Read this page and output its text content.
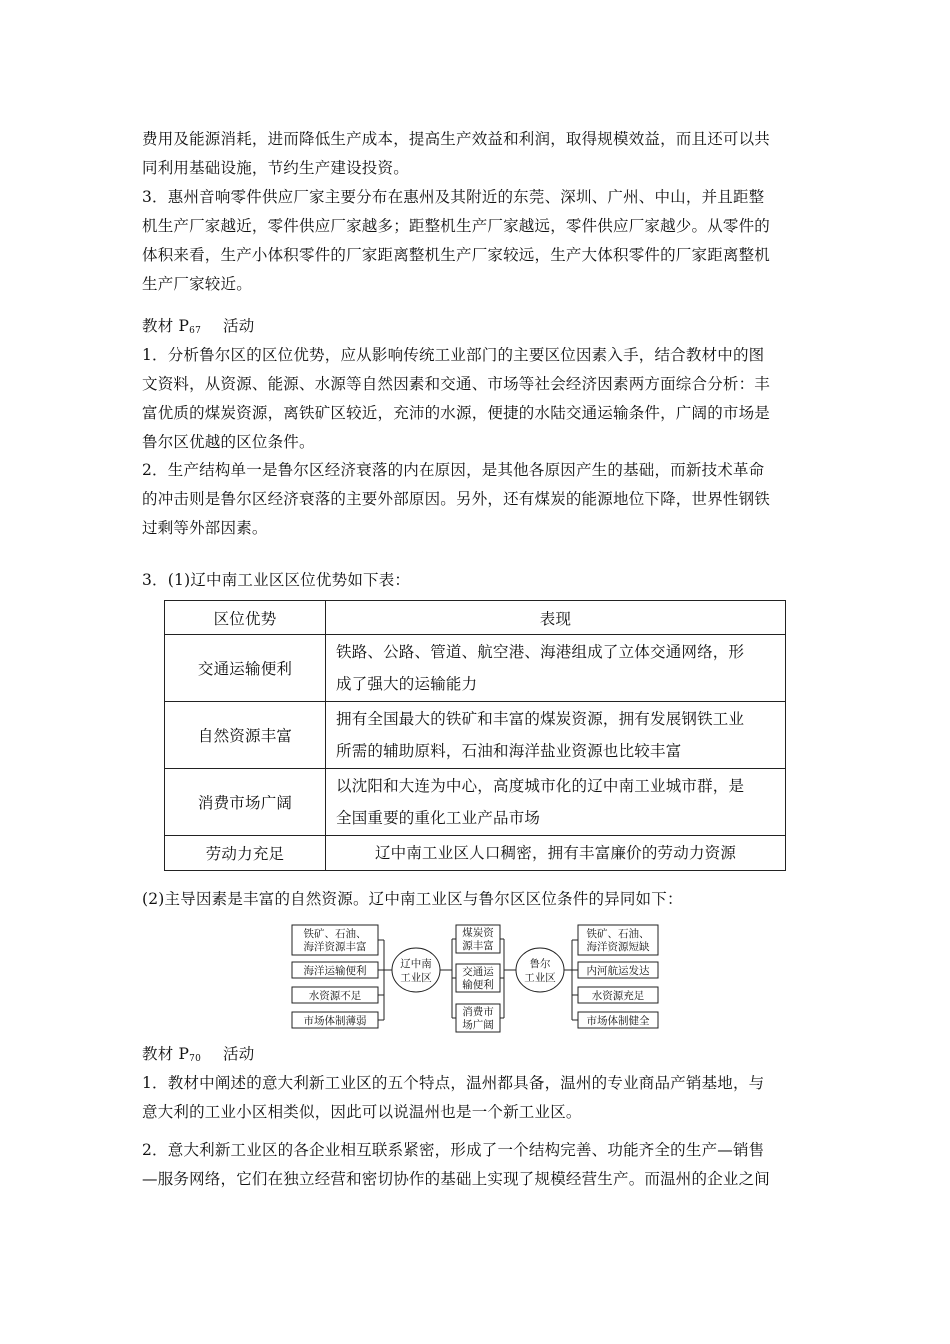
费用及能源消耗，进而降低生产成本，提高生产效益和利润，取得规模效益，而且还可以共
同利用基础设施，节约生产建设投资。

3．惠州音响零件供应厂家主要分布在惠州及其附近的东莞、深圳、广州、中山，并且距整
机生产厂家越近，零件供应厂家越多；距整机生产厂家越远，零件供应厂家越少。从零件的
体积来看，生产小体积零件的厂家距离整机生产厂家较远，生产大体积零件的厂家距离整机
生产厂家较近。

教材 $P_{67}$ 活动

1．分析鲁尔区的区位优势，应从影响传统工业部门的主要区位因素入手，结合教材中的图
文资料，从资源、能源、水源等自然因素和交通、市场等社会经济因素两方面综合分析：丰
富优质的煤炭资源，离铁矿区较近，充沛的水源，便捷的水陆交通运输条件，广阔的市场是
鲁尔区优越的区位条件。

2．生产结构单一是鲁尔区经济衰落的内在原因，是其他各原因产生的基础，而新技术革命
的冲击则是鲁尔区经济衰落的主要外部原因。另外，还有煤炭的能源地位下降，世界性钢铁
过剩等外部因素。

3．(1)辽中南工业区区位优势如下表：

区位优势	表现
交通运输便利	铁路、公路、管道、航空港、海港组成了立体交通网络，形
成了强大的运输能力
自然资源丰富	拥有全国最大的铁矿和丰富的煤炭资源，拥有发展钢铁工业
所需的辅助原料，石油和海洋盐业资源也比较丰富
消费市场广阔	以沈阳和大连为中心，高度城市化的辽中南工业城市群，是
全国重要的重化工业产品市场
劳动力充足	辽中南工业区人口稠密，拥有丰富廉价的劳动力资源

(2)主导因素是丰富的自然资源。辽中南工业区与鲁尔区区位条件的异同如下：

铁矿、石油、
海洋资源丰富
海洋运输便利
水资源不足
市场体制薄弱
辽中南
工业区
煤炭资
源丰富
交通运
输便利
消费市
场广阔
鲁尔
工业区
铁矿、石油、
海洋资源短缺
内河航运发达
水资源充足
市场体制健全

教材 $P_{70}$ 活动

1．教材中阐述的意大利新工业区的五个特点，温州都具备，温州的专业商品产销基地，与
意大利的工业小区相类似，因此可以说温州也是一个新工业区。

2．意大利新工业区的各企业相互联系紧密，形成了一个结构完善、功能齐全的生产—销售
—服务网络，它们在独立经营和密切协作的基础上实现了规模经营生产。而温州的企业之间
